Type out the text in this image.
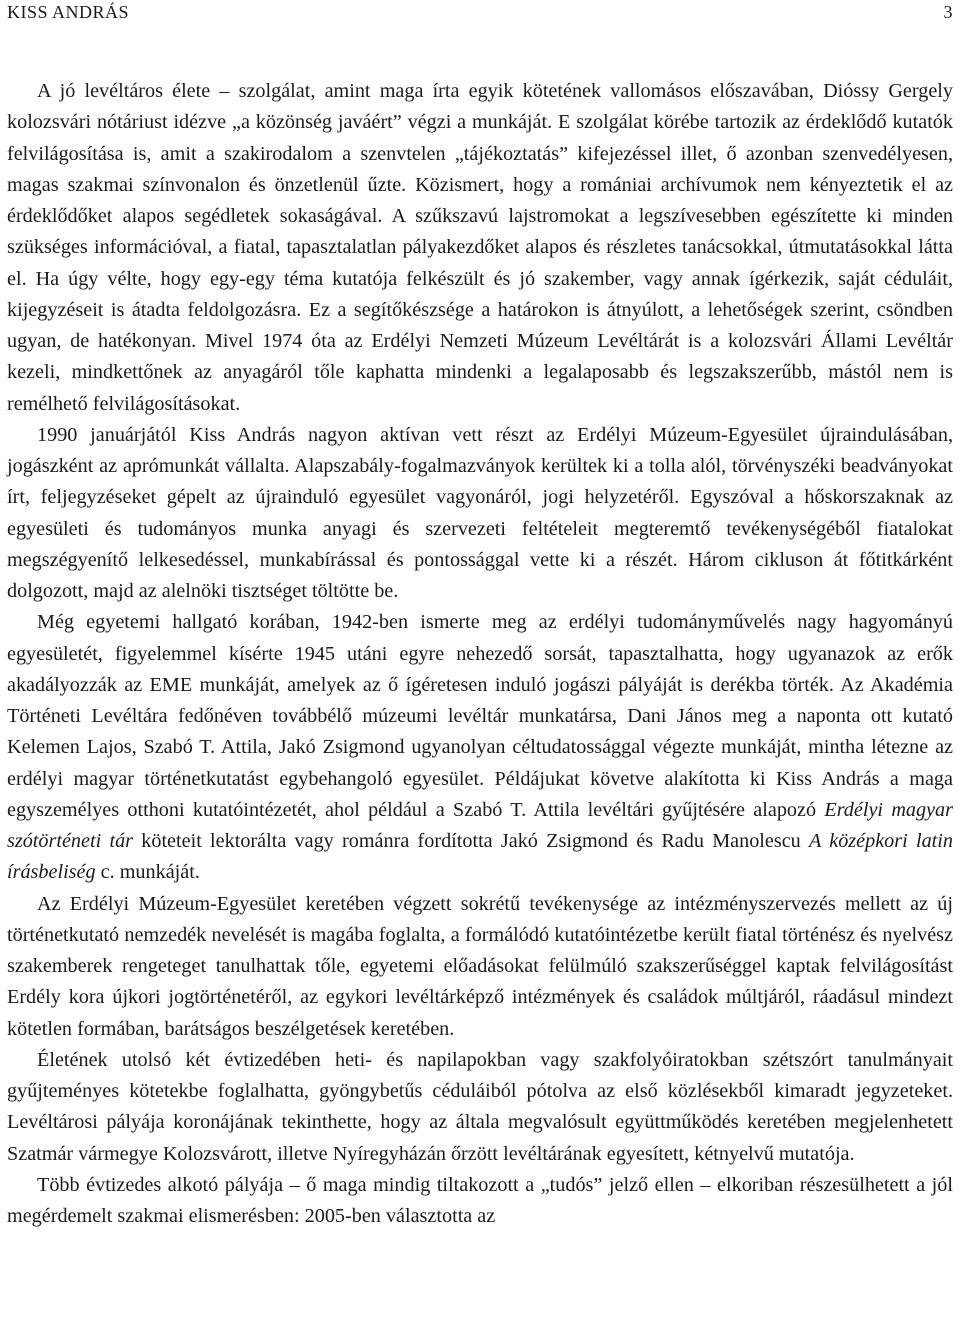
KISS ANDRÁS	3

A jó levéltáros élete – szolgálat, amint maga írta egyik kötetének vallomásos előszavában, Dióssy Gergely kolozsvári nótáriust idézve „a közönség javáért” végzi a munkáját. E szolgálat körébe tartozik az érdeklődő kutatók felvilágosítása is, amit a szakirodalom a szenvtelen „tájékoztatás” kifejezéssel illet, ő azonban szenvedélyesen, magas szakmai színvonalon és önzetlenül űzte. Közismert, hogy a romániai archívumok nem kényeztetik el az érdeklődőket alapos segédletek sokaságával. A szűkszavú lajstromokat a legszívesebben egészítette ki minden szükséges információval, a fiatal, tapasztalatlan pályakezdőket alapos és részletes tanácsokkal, útmutatásokkal látta el. Ha úgy vélte, hogy egy-egy téma kutatója felkészült és jó szakember, vagy annak ígérkezik, saját céduláit, kijegyzéseit is átadta feldolgozásra. Ez a segítőkészsége a határokon is átnyúlott, a lehetőségek szerint, csöndben ugyan, de hatékonyan. Mivel 1974 óta az Erdélyi Nemzeti Múzeum Levéltárát is a kolozsvári Állami Levéltár kezeli, mindkettőnek az anyagáról tőle kaphatta mindenki a legalaposabb és legszakszerűbb, mástól nem is remélhető felvilágosításokat.

1990 januárjától Kiss András nagyon aktívan vett részt az Erdélyi Múzeum-Egyesület újraindulásában, jogászként az aprómunkát vállalta. Alapszabály-fogalmazványok kerültek ki a tolla alól, törvényszéki beadványokat írt, feljegyzéseket gépelt az újrainduló egyesület vagyonáról, jogi helyzetéről. Egyszóval a hőskorszaknak az egyesületi és tudományos munka anyagi és szervezeti feltételeit megteremtő tevékenységéből fiatalokat megszégyenítő lelkesedéssel, munkabírással és pontossággal vette ki a részét. Három cikluson át főtitkárként dolgozott, majd az alelnöki tisztséget töltötte be.

Még egyetemi hallgató korában, 1942-ben ismerte meg az erdélyi tudományművelés nagy hagyományú egyesületét, figyelemmel kísérte 1945 utáni egyre nehezedő sorsát, tapasztalhatta, hogy ugyanazok az erők akadályozzák az EME munkáját, amelyek az ő ígéretesen induló jogászi pályáját is derékba törték. Az Akadémia Történeti Levéltára fedőnéven továbbélő múzeumi levéltár munkatársa, Dani János meg a naponta ott kutató Kelemen Lajos, Szabó T. Attila, Jakó Zsigmond ugyanolyan céltudatossággal végezte munkáját, mintha létezne az erdélyi magyar történetkutatást egybehangoló egyesület. Példájukat követve alakította ki Kiss András a maga egyszemélyes otthoni kutatóintézetét, ahol például a Szabó T. Attila levéltári gyűjtésére alapozó Erdélyi magyar szótörténeti tár köteteit lektorálta vagy románra fordította Jakó Zsigmond és Radu Manolescu A középkori latin írásbeliség c. munkáját.

Az Erdélyi Múzeum-Egyesület keretében végzett sokrétű tevékenysége az intézményszervezés mellett az új történetkutató nemzedék nevelését is magába foglalta, a formálódó kutatóintézetbe került fiatal történész és nyelvész szakemberek rengeteget tanulhattak tőle, egyetemi előadásokat felülmúló szakszerűséggel kaptak felvilágosítást Erdély kora újkori jogtörténetéről, az egykori levéltárképző intézmények és családok múltjáról, ráadásul mindezt kötetlen formában, barátságos beszélgetések keretében.

Életének utolsó két évtizedében heti- és napilapokban vagy szakfolyóiratokban szétszórt tanulmányait gyűjteményes kötetekbe foglalhatta, gyöngybetűs céduláiból pótolva az első közlésekből kimaradt jegyzeteket. Levéltárosi pályája koronájának tekinthette, hogy az általa megvalósult együttműködés keretében megjelenhetett Szatmár vármegye Kolozsvárott, illetve Nyíregyházán őrzött levéltárának egyesített, kétnyelvű mutatója.

Több évtizedes alkotó pályája – ő maga mindig tiltakozott a „tudós” jelző ellen – elkoriban részesülhetett a jól megérdemelt szakmai elismerésben: 2005-ben választotta az
